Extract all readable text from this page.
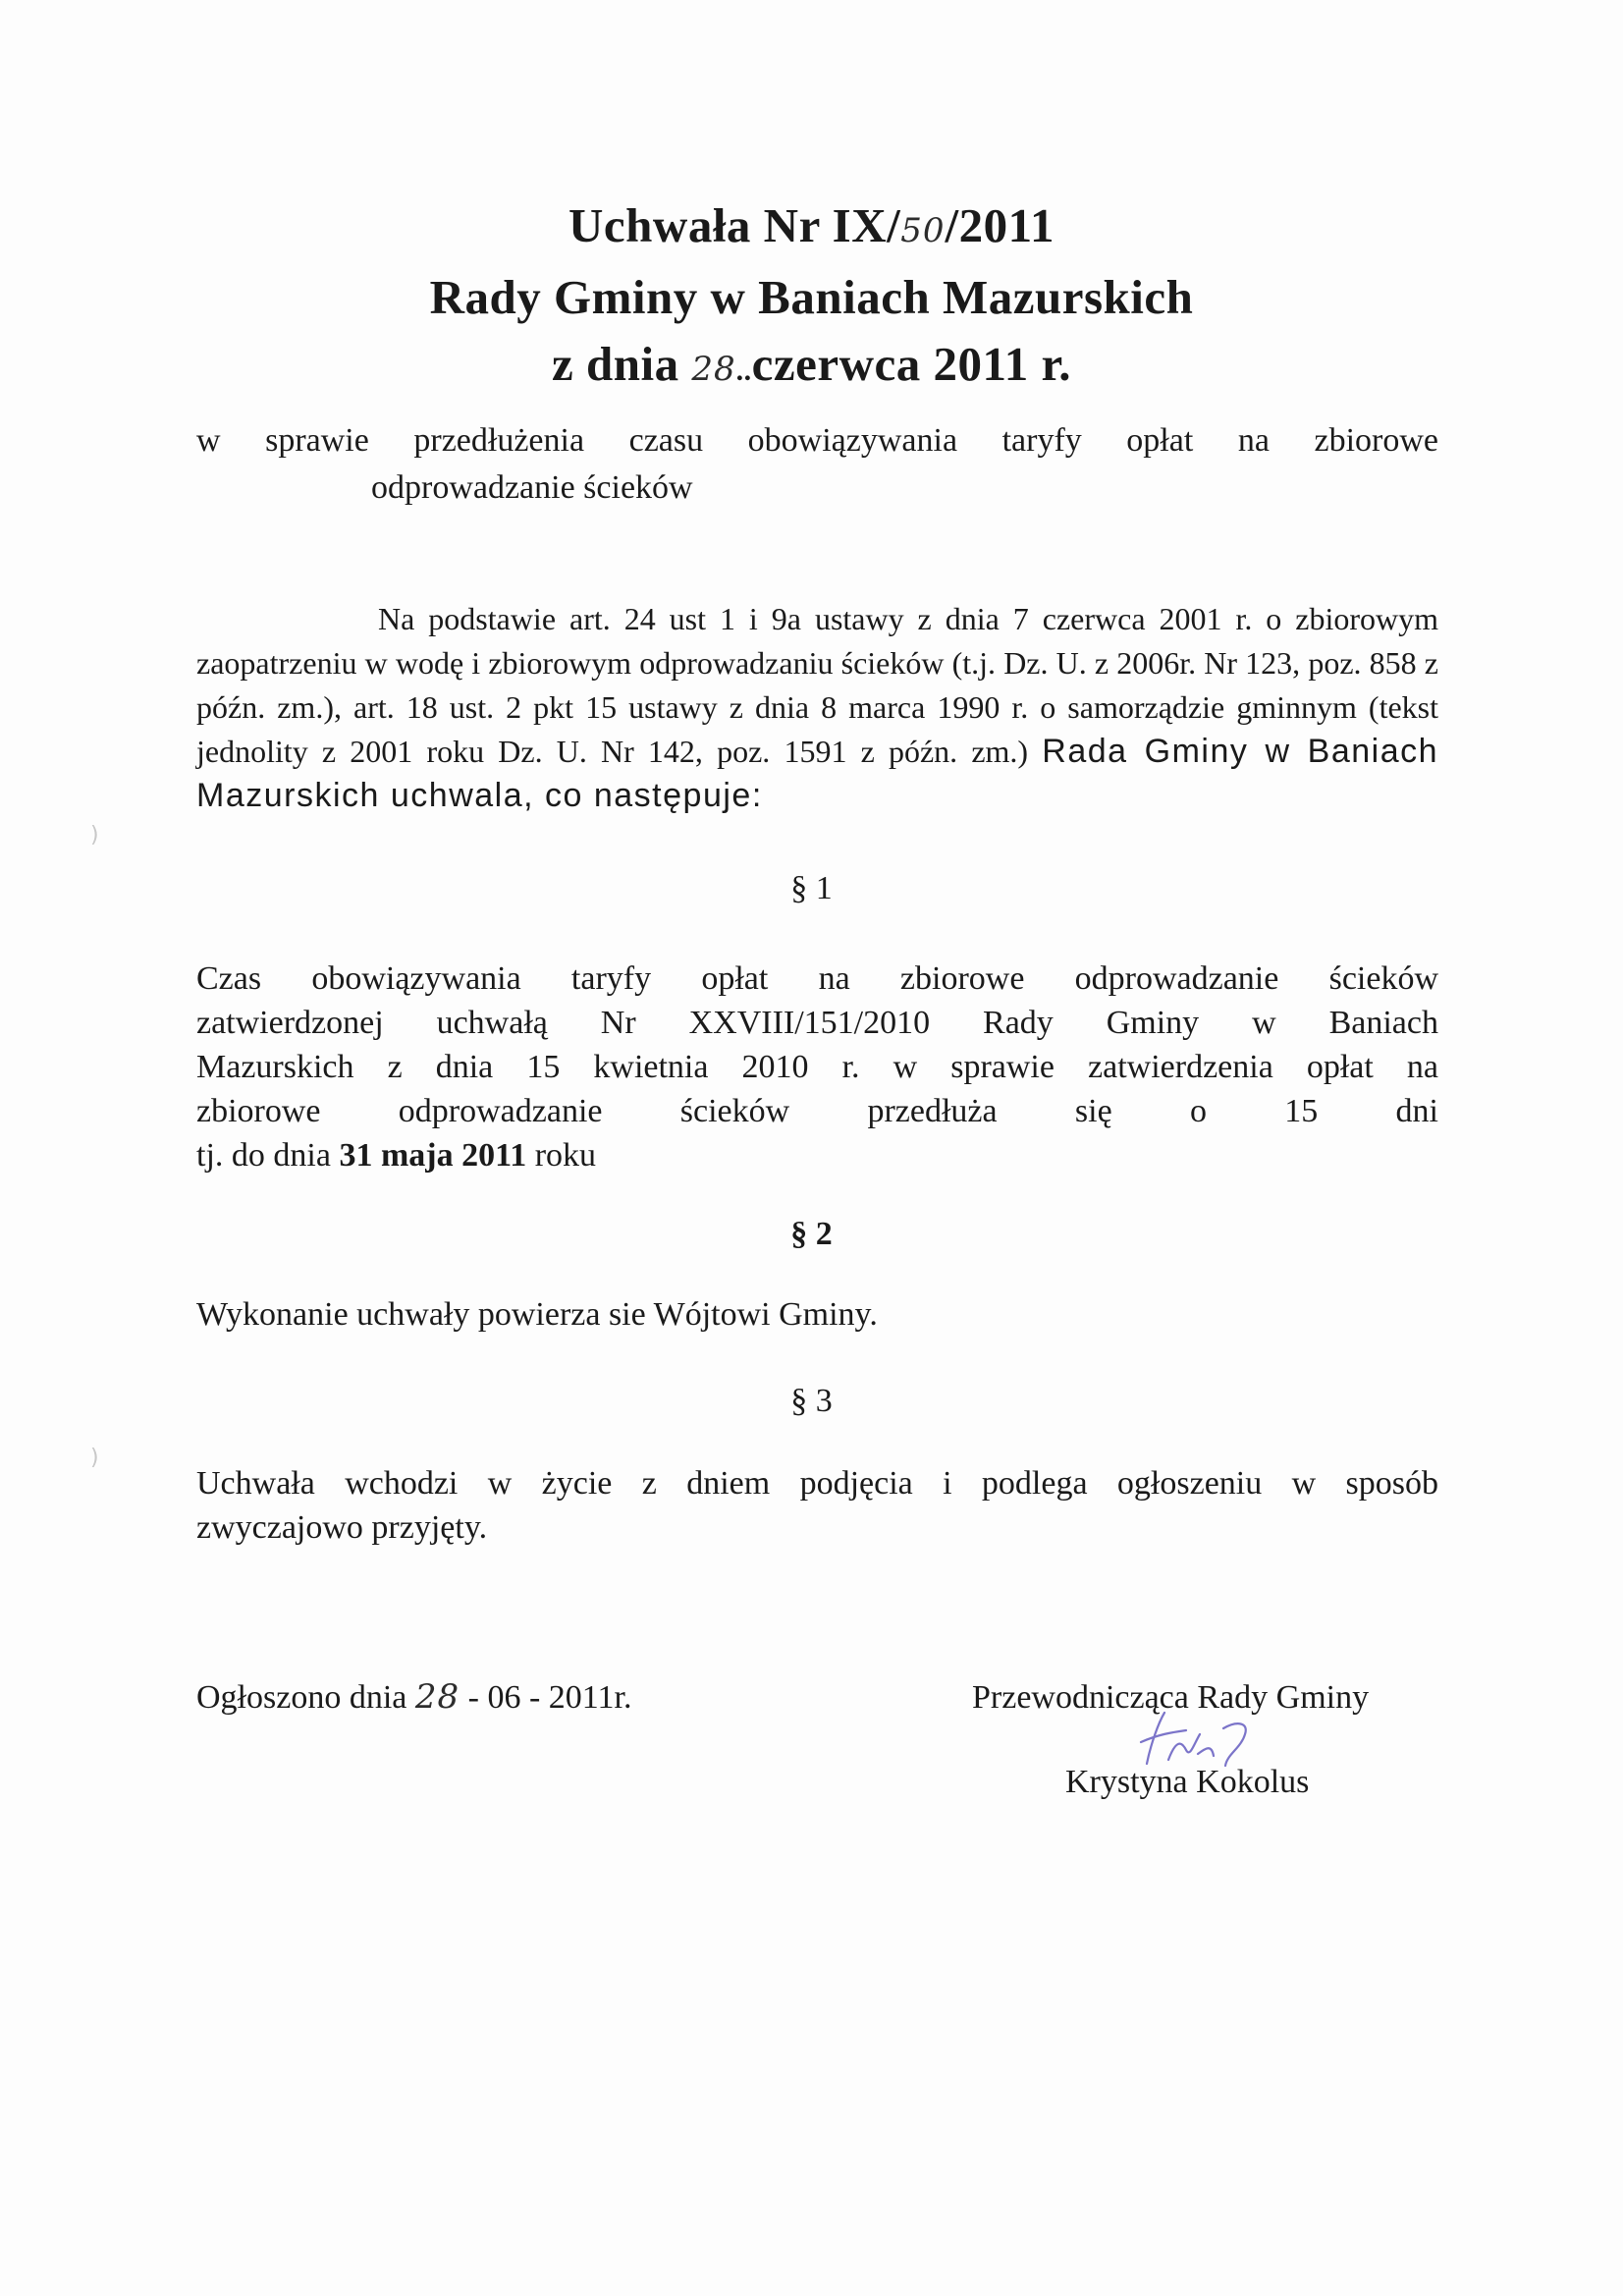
)
)
Uchwała Nr IX/50/2011
Rady Gminy w Baniach Mazurskich
z dnia 28..czerwca 2011 r.
w sprawie przedłużenia czasu obowiązywania taryfy opłat na zbiorowe
odprowadzanie ścieków
Na podstawie art. 24 ust 1 i 9a ustawy z dnia 7 czerwca 2001 r. o zbiorowym zaopatrzeniu w wodę i zbiorowym odprowadzaniu ścieków (t.j. Dz. U. z 2006r. Nr 123, poz. 858 z późn. zm.), art. 18 ust. 2 pkt 15 ustawy z dnia 8 marca 1990 r. o samorządzie gminnym (tekst jednolity z 2001 roku Dz. U. Nr 142, poz. 1591 z późn. zm.) Rada Gminy w Baniach Mazurskich uchwala, co następuje:
§ 1
Czas obowiązywania taryfy opłat na zbiorowe odprowadzanie ścieków
zatwierdzonej uchwałą Nr XXVIII/151/2010 Rady Gminy w Baniach
Mazurskich z dnia 15 kwietnia 2010 r. w sprawie zatwierdzenia opłat na
zbiorowe odprowadzanie ścieków przedłuża się o 15 dni
tj. do dnia 31 maja 2011 roku
§ 2
Wykonanie uchwały powierza sie Wójtowi Gminy.
§ 3
Uchwała wchodzi w życie z dniem podjęcia i podlega ogłoszeniu w sposób
zwyczajowo przyjęty.
Ogłoszono dnia 28 - 06 - 2011r.	Przewodnicząca Rady Gminy
Krystyna Kokolus
